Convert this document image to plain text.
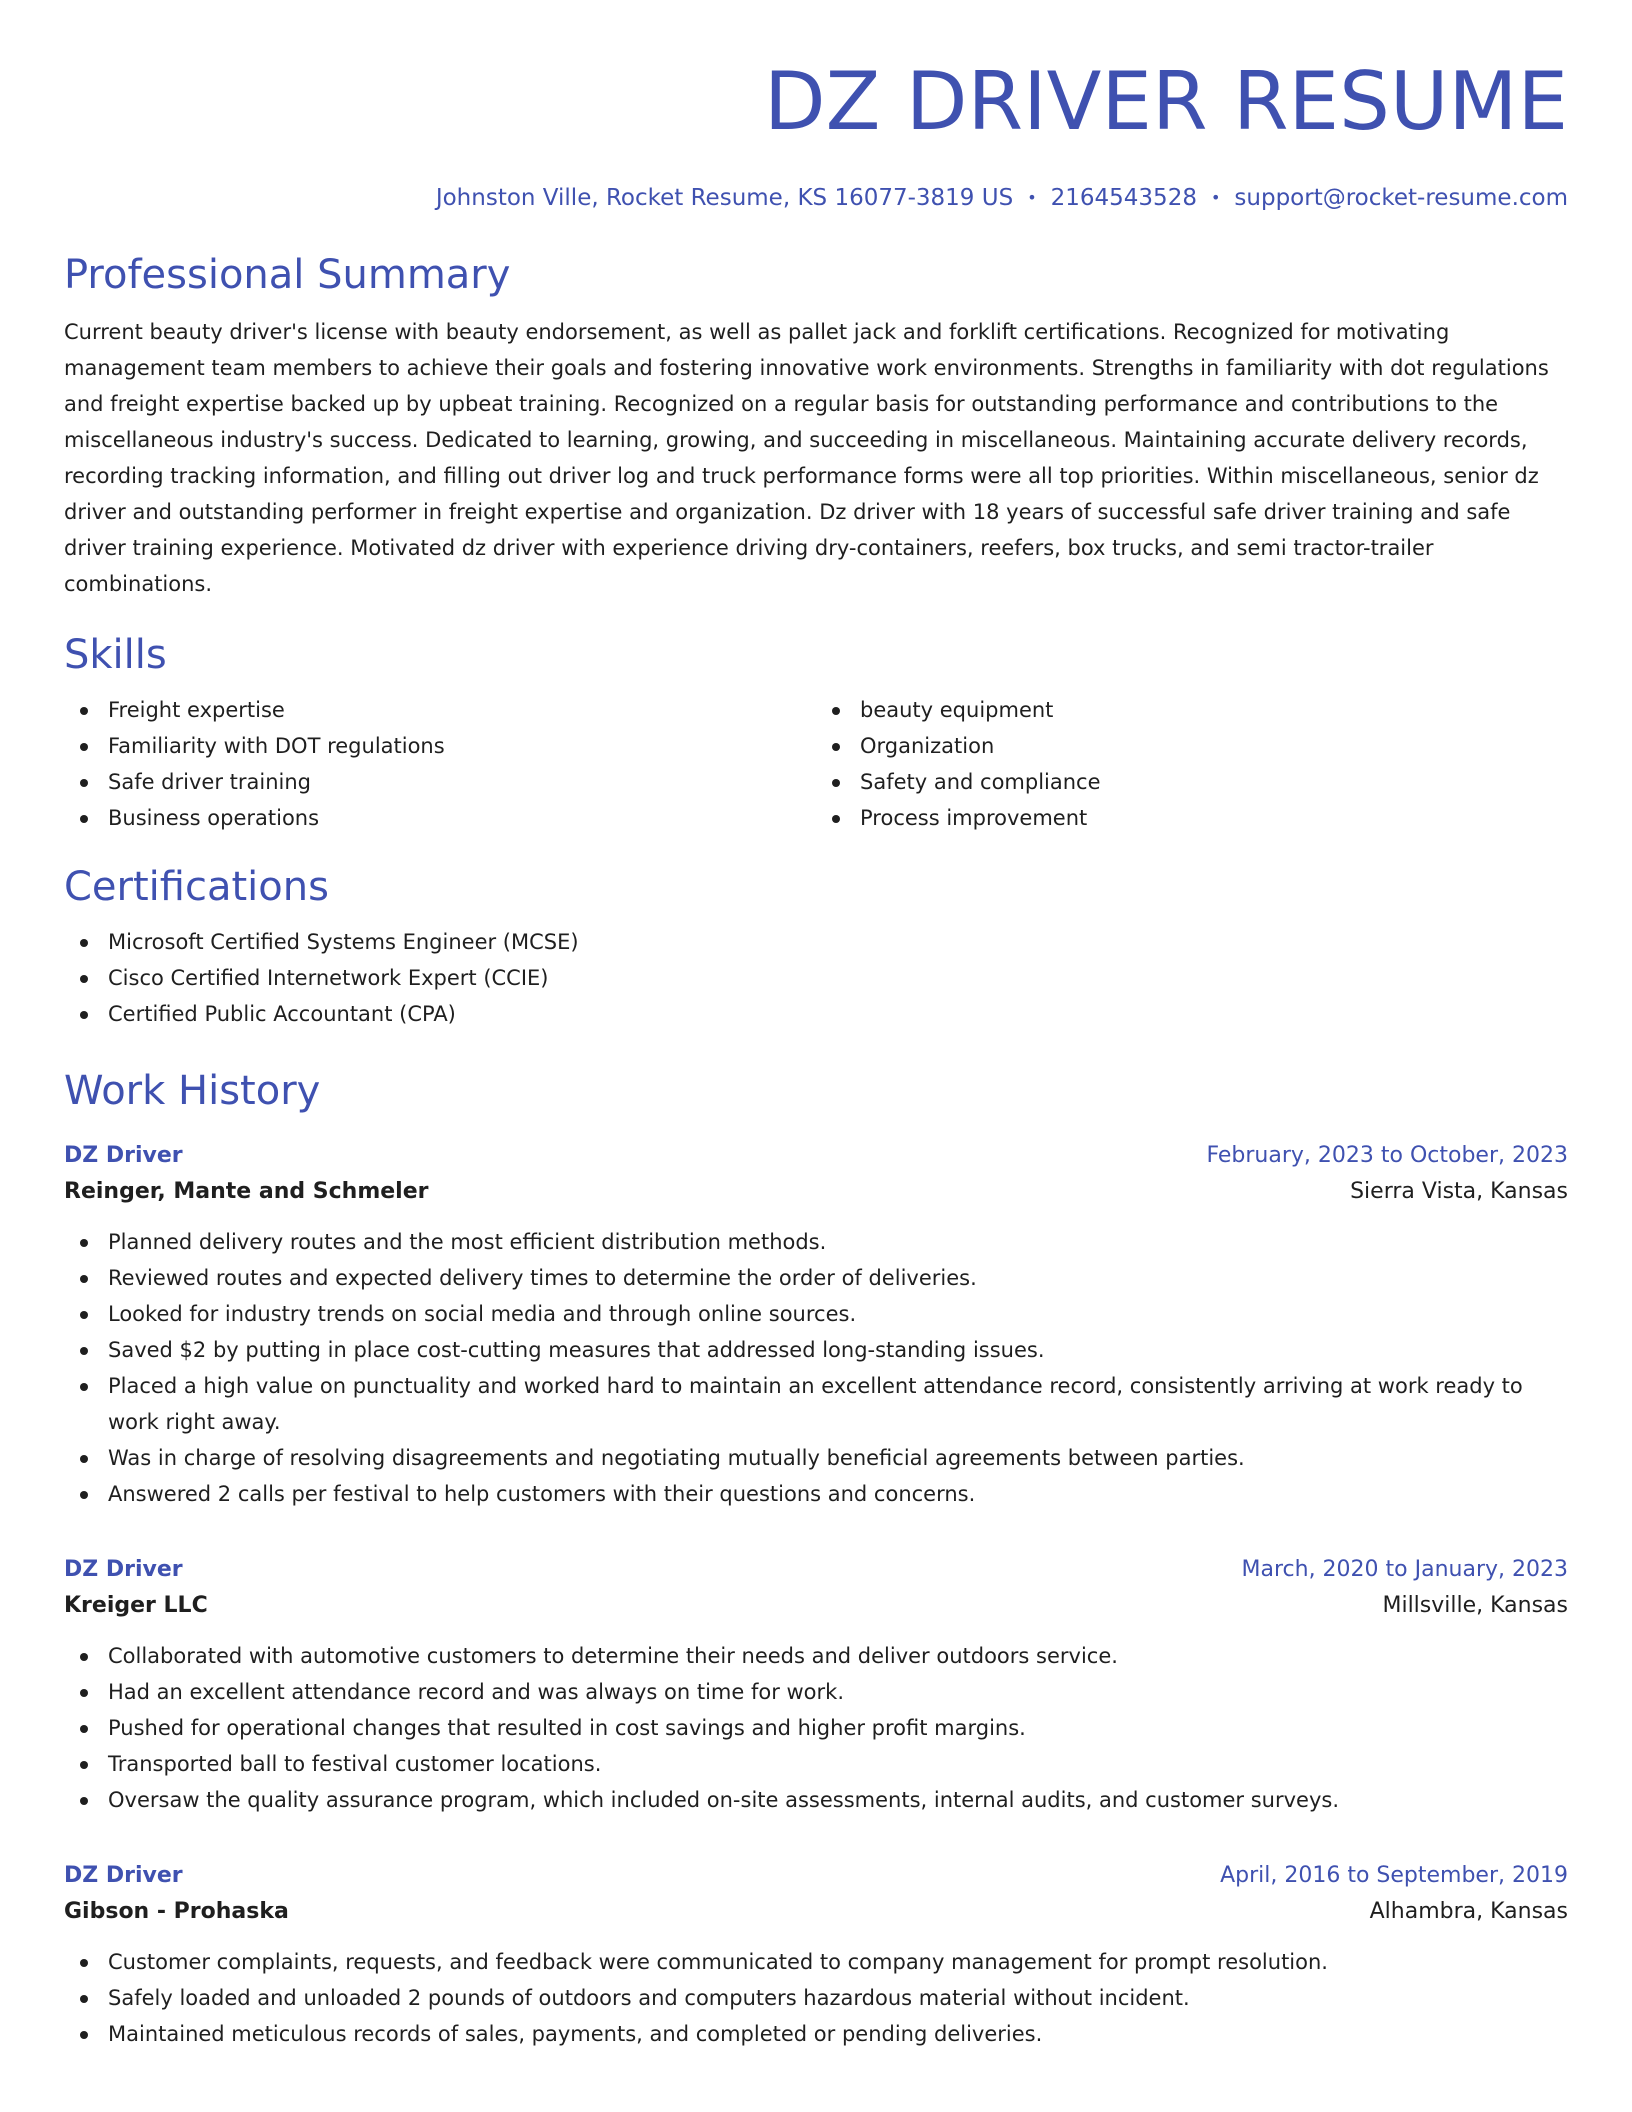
DZ DRIVER RESUME
Johnston Ville, Rocket Resume, KS 16077-3819 US • 2164543528 • support@rocket-resume.com
Professional Summary
Current beauty driver's license with beauty endorsement, as well as pallet jack and forklift certifications. Recognized for motivating management team members to achieve their goals and fostering innovative work environments. Strengths in familiarity with dot regulations and freight expertise backed up by upbeat training. Recognized on a regular basis for outstanding performance and contributions to the miscellaneous industry's success. Dedicated to learning, growing, and succeeding in miscellaneous. Maintaining accurate delivery records, recording tracking information, and filling out driver log and truck performance forms were all top priorities. Within miscellaneous, senior dz driver and outstanding performer in freight expertise and organization. Dz driver with 18 years of successful safe driver training and safe driver training experience. Motivated dz driver with experience driving dry-containers, reefers, box trucks, and semi tractor-trailer combinations.
Skills
Freight expertise
Familiarity with DOT regulations
Safe driver training
Business operations
beauty equipment
Organization
Safety and compliance
Process improvement
Certifications
Microsoft Certified Systems Engineer (MCSE)
Cisco Certified Internetwork Expert (CCIE)
Certified Public Accountant (CPA)
Work History
DZ Driver	February, 2023 to October, 2023
Reinger, Mante and Schmeler	Sierra Vista, Kansas
Planned delivery routes and the most efficient distribution methods.
Reviewed routes and expected delivery times to determine the order of deliveries.
Looked for industry trends on social media and through online sources.
Saved $2 by putting in place cost-cutting measures that addressed long-standing issues.
Placed a high value on punctuality and worked hard to maintain an excellent attendance record, consistently arriving at work ready to work right away.
Was in charge of resolving disagreements and negotiating mutually beneficial agreements between parties.
Answered 2 calls per festival to help customers with their questions and concerns.
DZ Driver	March, 2020 to January, 2023
Kreiger LLC	Millsville, Kansas
Collaborated with automotive customers to determine their needs and deliver outdoors service.
Had an excellent attendance record and was always on time for work.
Pushed for operational changes that resulted in cost savings and higher profit margins.
Transported ball to festival customer locations.
Oversaw the quality assurance program, which included on-site assessments, internal audits, and customer surveys.
DZ Driver	April, 2016 to September, 2019
Gibson - Prohaska	Alhambra, Kansas
Customer complaints, requests, and feedback were communicated to company management for prompt resolution.
Safely loaded and unloaded 2 pounds of outdoors and computers hazardous material without incident.
Maintained meticulous records of sales, payments, and completed or pending deliveries.
